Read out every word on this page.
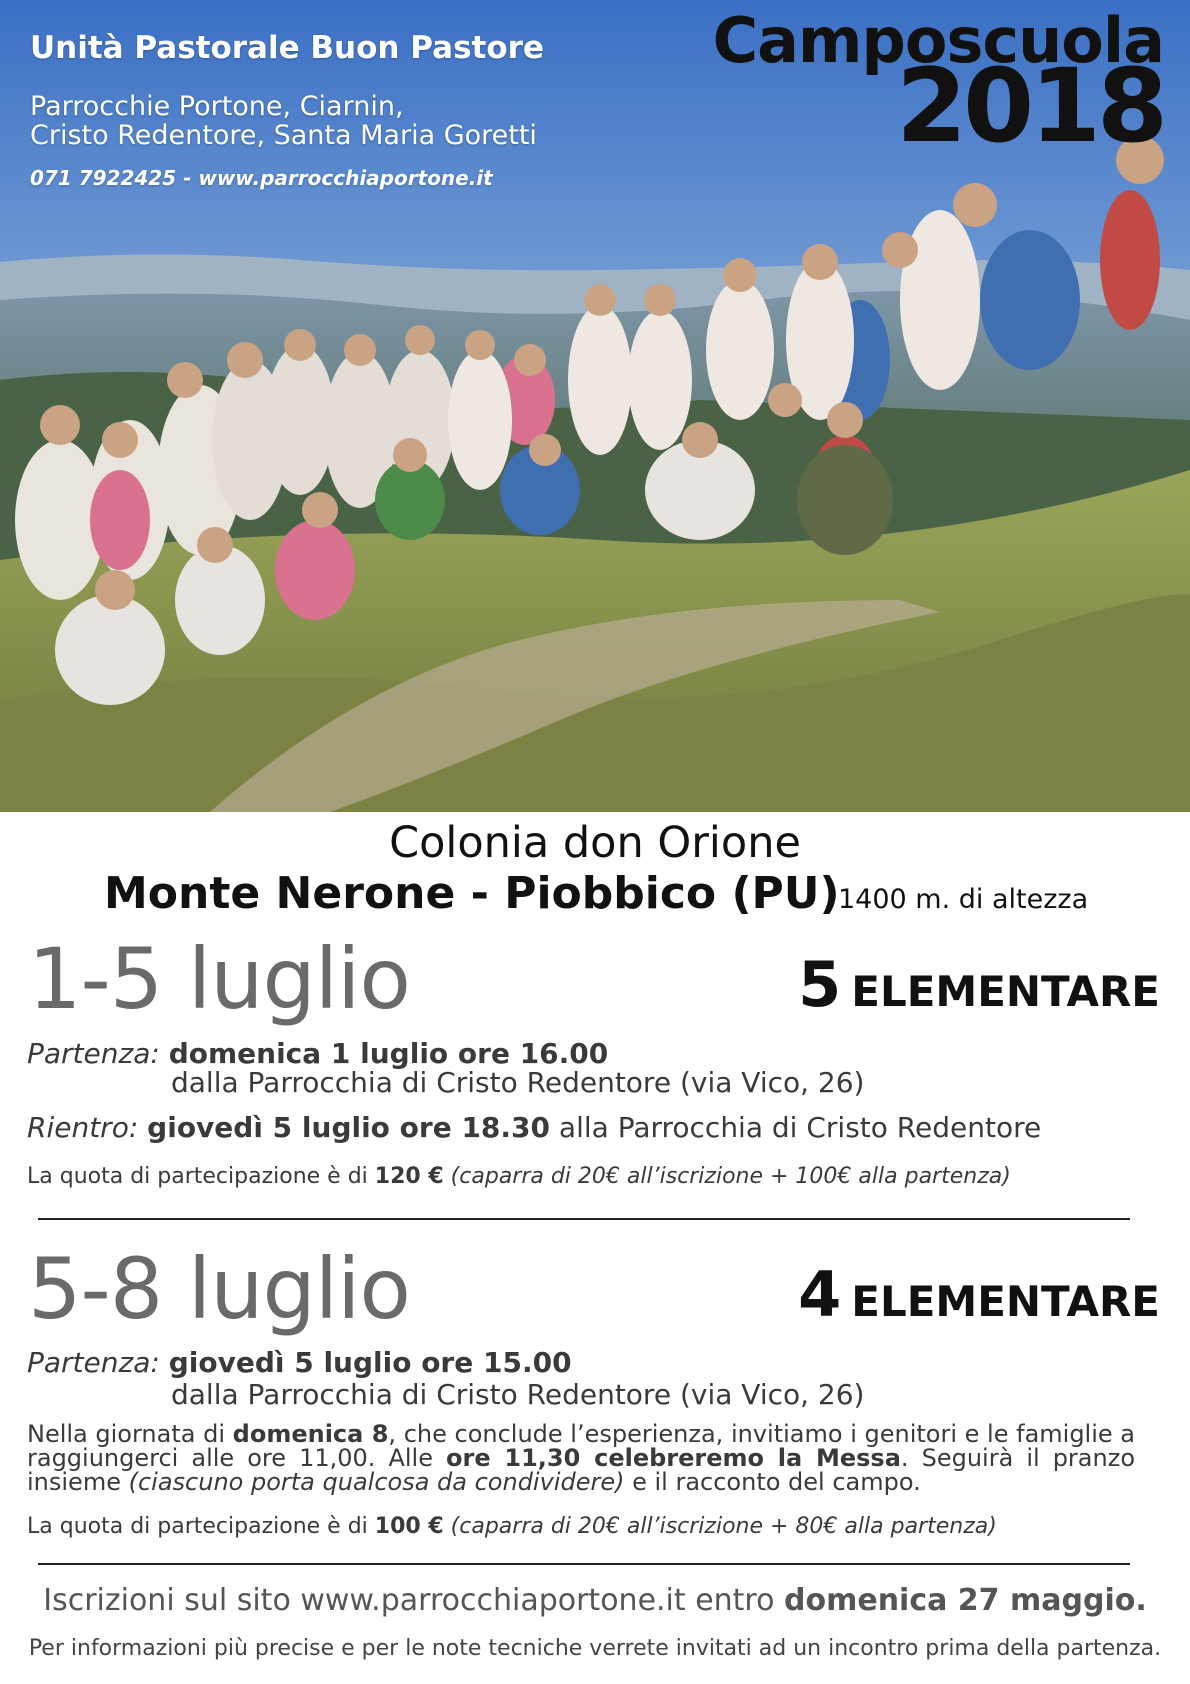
Unità Pastorale Buon Pastore
Parrocchie Portone, Ciarnin,
Cristo Redentore, Santa Maria Goretti
071 7922425 - www.parrocchiaportone.it
Camposcuola
2018
Colonia don Orione
Monte Nerone - Piobbico (PU)
1400 m. di altezza
1-5 luglio	5 ELEMENTARE
Partenza: domenica 1 luglio ore 16.00
dalla Parrocchia di Cristo Redentore (via Vico, 26)
Rientro: giovedì 5 luglio ore 18.30 alla Parrocchia di Cristo Redentore
La quota di partecipazione è di 120 € (caparra di 20€ all’iscrizione + 100€ alla partenza)
5-8 luglio	4 ELEMENTARE
Partenza: giovedì 5 luglio ore 15.00
dalla Parrocchia di Cristo Redentore (via Vico, 26)
Nella giornata di domenica 8, che conclude l’esperienza, invitiamo i genitori e le famiglie a raggiungerci alle ore 11,00. Alle ore 11,30 celebreremo la Messa. Seguirà il pranzo insieme (ciascuno porta qualcosa da condividere) e il racconto del campo.
La quota di partecipazione è di 100 € (caparra di 20€ all’iscrizione + 80€ alla partenza)
Iscrizioni sul sito www.parrocchiaportone.it entro domenica 27 maggio.
Per informazioni più precise e per le note tecniche verrete invitati ad un incontro prima della partenza.
